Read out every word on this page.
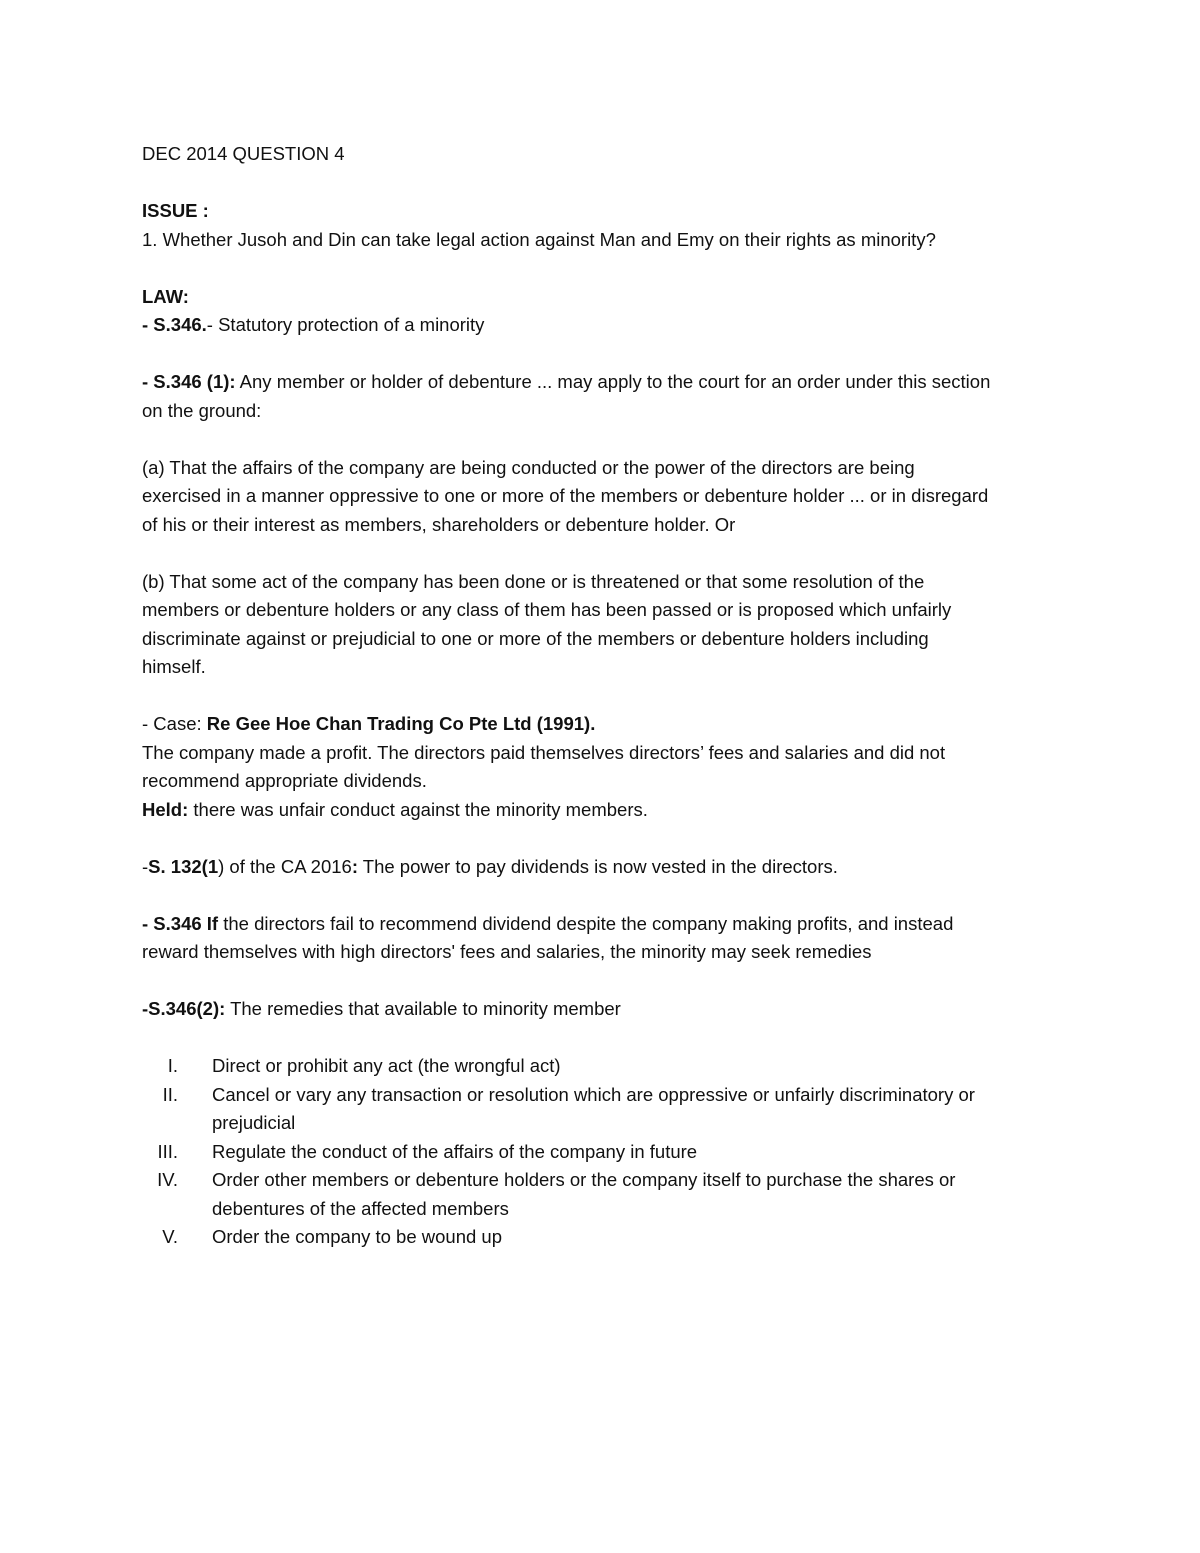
DEC 2014 QUESTION 4

ISSUE :

1. Whether Jusoh and Din can take legal action against Man and Emy on their rights as minority?

LAW:

- S.346.- Statutory protection of a minority

- S.346 (1): Any member or holder of debenture ... may apply to the court for an order under this section on the ground:

(a) That the affairs of the company are being conducted or the power of the directors are being exercised in a manner oppressive to one or more of the members or debenture holder ... or in disregard of his or their interest as members, shareholders or debenture holder. Or

(b) That some act of the company has been done or is threatened or that some resolution of the members or debenture holders or any class of them has been passed or is proposed which unfairly discriminate against or prejudicial to one or more of the members or debenture holders including himself.

- Case: Re Gee Hoe Chan Trading Co Pte Ltd (1991).

The company made a profit. The directors paid themselves directors’ fees and salaries and did not recommend appropriate dividends.

Held: there was unfair conduct against the minority members.

-S. 132(1) of the CA 2016: The power to pay dividends is now vested in the directors.

- S.346 If the directors fail to recommend dividend despite the company making profits, and instead reward themselves with high directors' fees and salaries, the minority may seek remedies

-S.346(2): The remedies that available to minority member

I. Direct or prohibit any act (the wrongful act)
II. Cancel or vary any transaction or resolution which are oppressive or unfairly discriminatory or prejudicial
III. Regulate the conduct of the affairs of the company in future
IV. Order other members or debenture holders or the company itself to purchase the shares or debentures of the affected members
V. Order the company to be wound up
